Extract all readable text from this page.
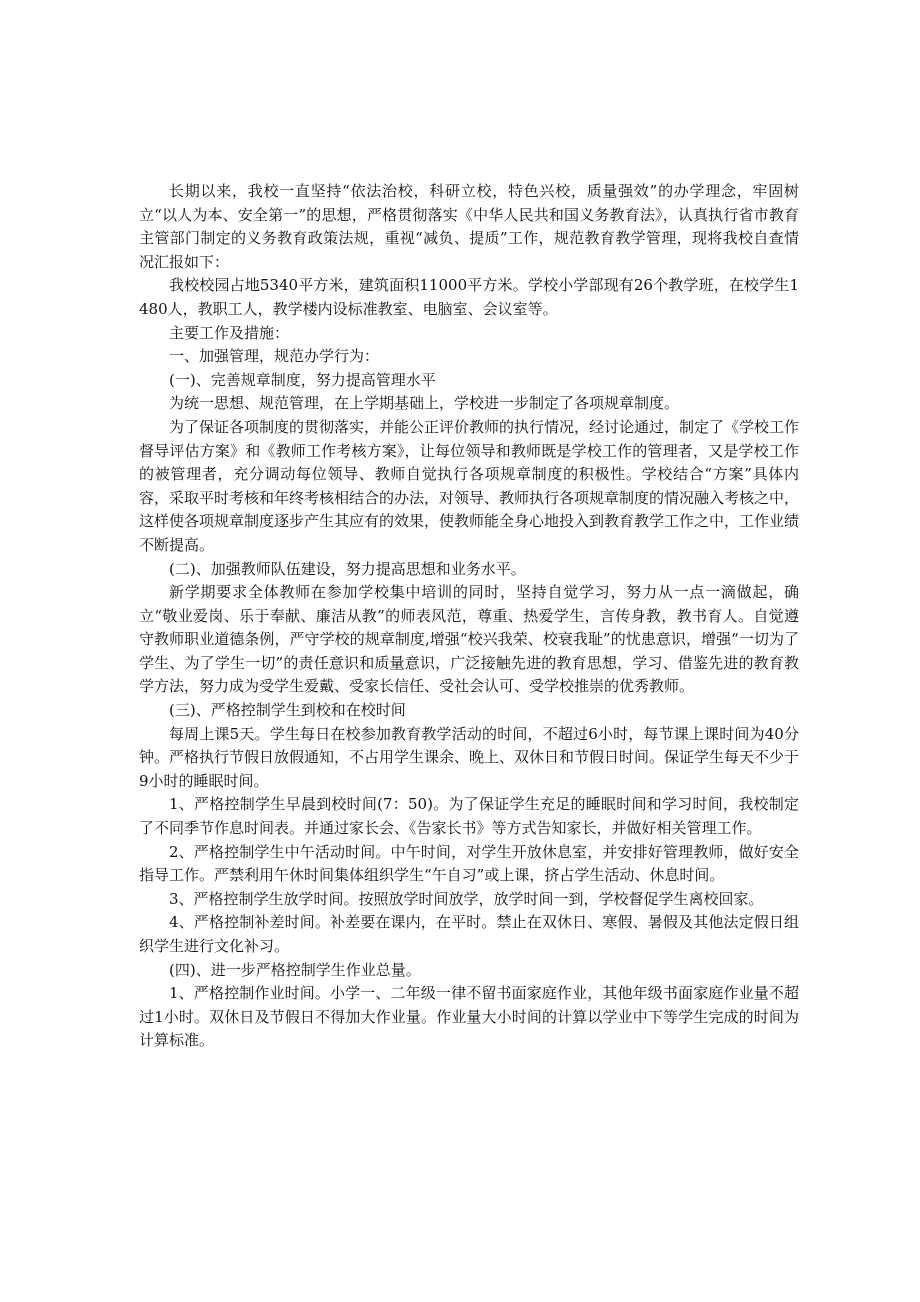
长期以来，我校一直坚持“依法治校，科研立校，特色兴校，质量强效”的办学理念，牢固树立“以人为本、安全第一”的思想，严格贯彻落实《中华人民共和国义务教育法》，认真执行省市教育主管部门制定的义务教育政策法规，重视“减负、提质”工作，规范教育教学管理，现将我校自查情况汇报如下：

我校校园占地5340平方米，建筑面积11000平方米。学校小学部现有26个教学班，在校学生1480人，教职工人，教学楼内设标准教室、电脑室、会议室等。

主要工作及措施：

一、加强管理，规范办学行为：

(一)、完善规章制度，努力提高管理水平

为统一思想、规范管理，在上学期基础上，学校进一步制定了各项规章制度。

为了保证各项制度的贯彻落实，并能公正评价教师的执行情况，经讨论通过，制定了《学校工作督导评估方案》和《教师工作考核方案》，让每位领导和教师既是学校工作的管理者，又是学校工作的被管理者，充分调动每位领导、教师自觉执行各项规章制度的积极性。学校结合“方案”具体内容，采取平时考核和年终考核相结合的办法，对领导、教师执行各项规章制度的情况融入考核之中，这样使各项规章制度逐步产生其应有的效果，使教师能全身心地投入到教育教学工作之中，工作业绩不断提高。

(二)、加强教师队伍建设，努力提高思想和业务水平。

新学期要求全体教师在参加学校集中培训的同时，坚持自觉学习，努力从一点一滴做起，确立“敬业爱岗、乐于奉献、廉洁从教”的师表风范，尊重、热爱学生，言传身教，教书育人。自觉遵守教师职业道德条例，严守学校的规章制度,增强“校兴我荣、校衰我耻”的忧患意识，增强“一切为了学生、为了学生一切”的责任意识和质量意识，广泛接触先进的教育思想，学习、借鉴先进的教育教学方法，努力成为受学生爱戴、受家长信任、受社会认可、受学校推崇的优秀教师。

(三)、严格控制学生到校和在校时间

每周上课5天。学生每日在校参加教育教学活动的时间，不超过6小时，每节课上课时间为40分钟。严格执行节假日放假通知，不占用学生课余、晚上、双休日和节假日时间。保证学生每天不少于9小时的睡眠时间。

1、严格控制学生早晨到校时间(7：50)。为了保证学生充足的睡眠时间和学习时间，我校制定了不同季节作息时间表。并通过家长会、《告家长书》等方式告知家长，并做好相关管理工作。

2、严格控制学生中午活动时间。中午时间，对学生开放休息室，并安排好管理教师，做好安全指导工作。严禁利用午休时间集体组织学生“午自习”或上课，挤占学生活动、休息时间。

3、严格控制学生放学时间。按照放学时间放学，放学时间一到，学校督促学生离校回家。

4、严格控制补差时间。补差要在课内，在平时。禁止在双休日、寒假、暑假及其他法定假日组织学生进行文化补习。

(四)、进一步严格控制学生作业总量。

1、严格控制作业时间。小学一、二年级一律不留书面家庭作业，其他年级书面家庭作业量不超过1小时。双休日及节假日不得加大作业量。作业量大小时间的计算以学业中下等学生完成的时间为计算标准。
